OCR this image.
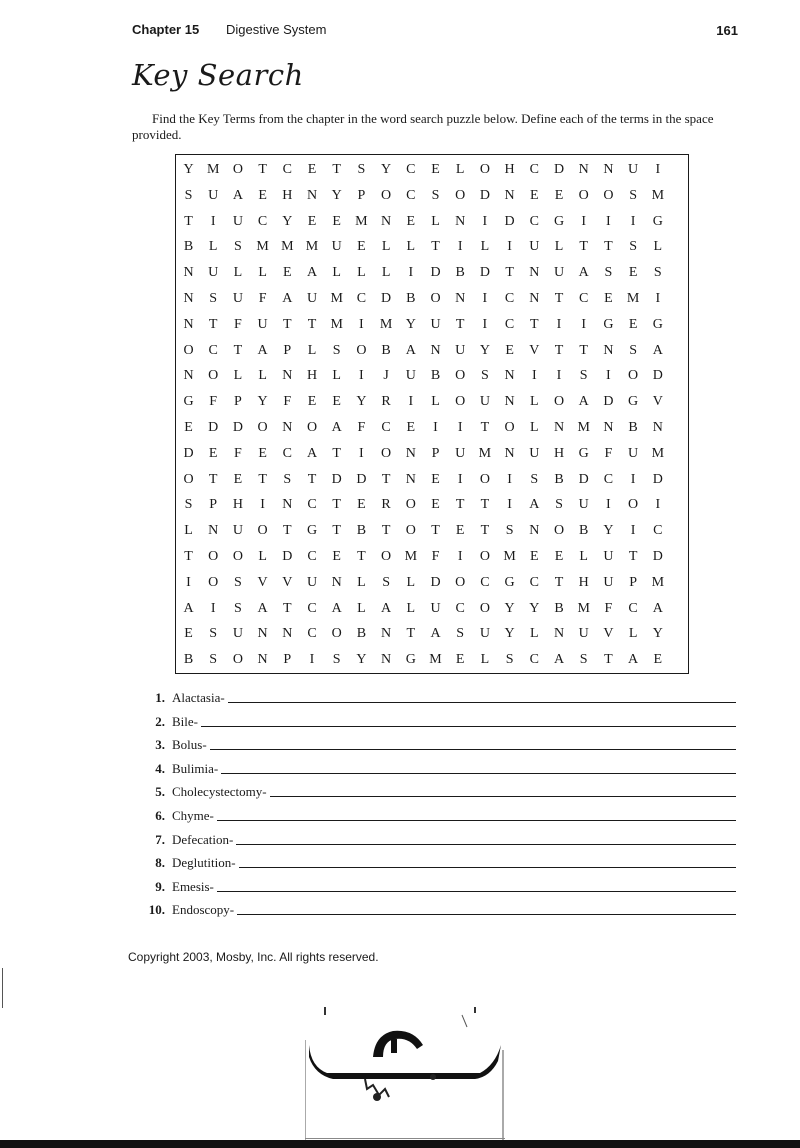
Chapter 15 Digestive System	161
Key Search
Find the Key Terms from the chapter in the word search puzzle below. Define each of the terms in the space provided.
Y M O	T	C	E	T	S	Y	C	E	L	O	H	C	D	N	N	U	I
S	U	A	E	H	N	Y	P	O	C	S	O	D	N	E	E	O	O	S	M
T	I	U	C	Y	E	E	M N	E	L	N	I	D	C	G	I	I	I	G
B	L	S	M M M U	E	L	L	T	I	L	I	U	L	T	T	S	L
N	U	L	L	E	A	L	L	L	I	D	B	D	T	N	U	A	S	E	S
N	S	U	F	A	U M C	D	B	O	N	I	C	N	T	C	E	M	I
N	T	F	U	T	T	M	I	M Y	U	T	I	C	T	I	I	G	E	G
O	C	T	A	P	L	S	O	B	A	N	U	Y	E	V	T	T	N	S	A
N	O	L	L	N	H	L	I	J	U	B	O	S	N	I	I	S	I	O	D
G	F	P	Y	F	E	E	Y	R	I	L	O	U	N	L	O	A	D	G	V
E	D	D	O	N	O	A	F	C	E	I	I	T	O	L	N M N	B	N
D	E	F	E	C	A	T	I	O	N	P	U M N	U	H	G	F	U M
O	T	E	T	S	T	D	D	T	N	E	I	O	I	S	B	D	C	I	D
S	P	H	I	N	C	T	E	R	O	E	T	T	I	A	S	U	I	O	I
L	N	U	O	T	G	T	B	T	O	T	E	T	S	N	O	B	Y	I	C
T	O	O	L	D	C	E	T	O M	F	I	O M	E	E	L	U	T	D
I	O	S	V	V	U	N	L	S	L	D	O	C	G	C	T	H	U	P	M
A	I	S	A	T	C	A	L	A	L	U	C	O	Y	Y	B M	F	C	A
E	S	U	N	N	C	O	B	N	T	A	S	U	Y	L	N	U	V	L	Y
B	S	O	N	P	I	S	Y	N	G M	E	L	S	C	A	S	T	A	E
1. Alactasia-
2. Bile-
3. Bolus-
4. Bulimia-
5. Cholecystectomy-
6. Chyme-
7. Defecation-
8. Deglutition-
9. Emesis-
10. Endoscopy-
Copyright 2003, Mosby, Inc. All rights reserved.
